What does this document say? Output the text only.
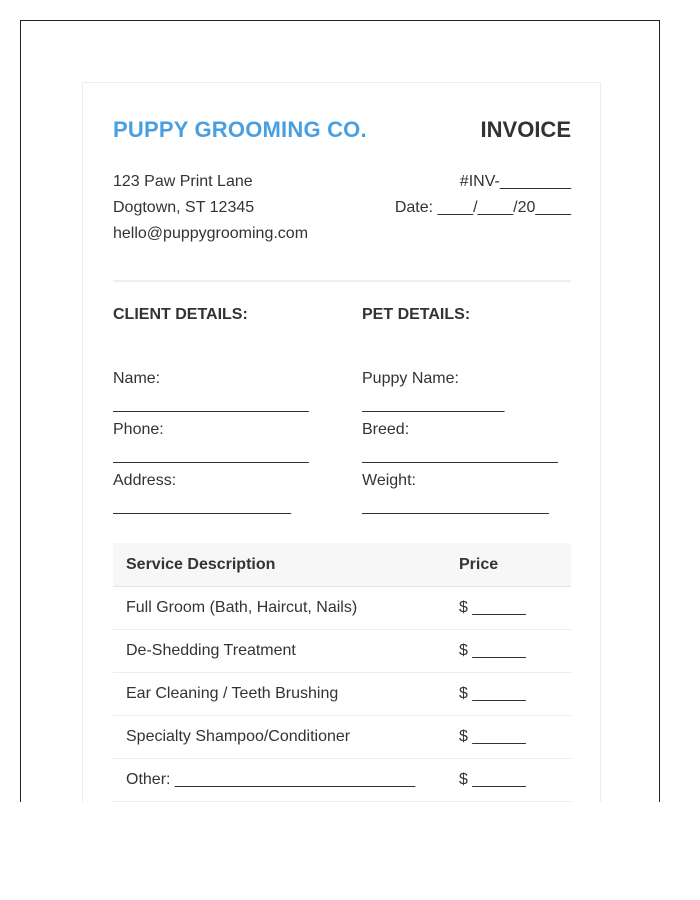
PUPPY GROOMING CO.	INVOICE
123 Paw Print Lane
Dogtown, ST 12345
hello@puppygrooming.com
#INV-________
Date: ____/____/20____
CLIENT DETAILS:
Name:
______________________
Phone:
______________________
Address:
____________________
PET DETAILS:
Puppy Name:
________________
Breed:
______________________
Weight:
_____________________
Service Description	Price
Full Groom (Bath, Haircut, Nails)	$ ______
De-Shedding Treatment	$ ______
Ear Cleaning / Teeth Brushing	$ ______
Specialty Shampoo/Conditioner	$ ______
Other: ___________________________	$ ______
